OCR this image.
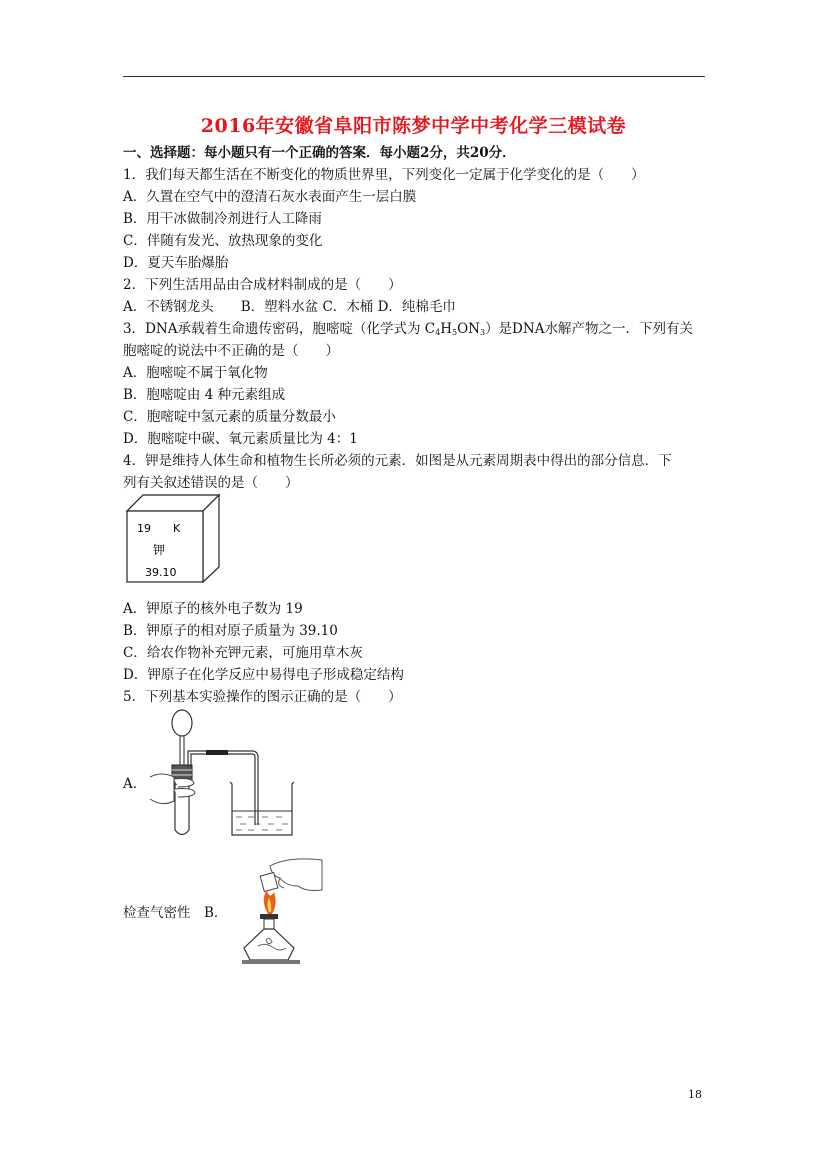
2016年安徽省阜阳市陈梦中学中考化学三模试卷
一、选择题：每小题只有一个正确的答案．每小题2分，共20分．
1．我们每天都生活在不断变化的物质世界里，下列变化一定属于化学变化的是（　　）
A．久置在空气中的澄清石灰水表面产生一层白膜
B．用干冰做制冷剂进行人工降雨
C．伴随有发光、放热现象的变化
D．夏天车胎爆胎
2．下列生活用品由合成材料制成的是（　　）
A．不锈钢龙头　　B．塑料水盆 C．木桶 D．纯棉毛巾
3．DNA承载着生命遗传密码，胞嘧啶（化学式为 $C_4H_5ON_3$）是DNA水解产物之一．下列有关
胞嘧啶的说法中不正确的是（　　）
A．胞嘧啶不属于氧化物
B．胞嘧啶由 4 种元素组成
C．胞嘧啶中氢元素的质量分数最小
D．胞嘧啶中碳、氧元素质量比为 4：1
4．钾是维持人体生命和植物生长所必须的元素．如图是从元素周期表中得出的部分信息．下
列有关叙述错误的是（　　）
19 K
钾
39.10
A．钾原子的核外电子数为 19
B．钾原子的相对原子质量为 39.10
C．给农作物补充钾元素，可施用草木灰
D．钾原子在化学反应中易得电子形成稳定结构
5．下列基本实验操作的图示正确的是（　　）
A．
检查气密性　B．
18
